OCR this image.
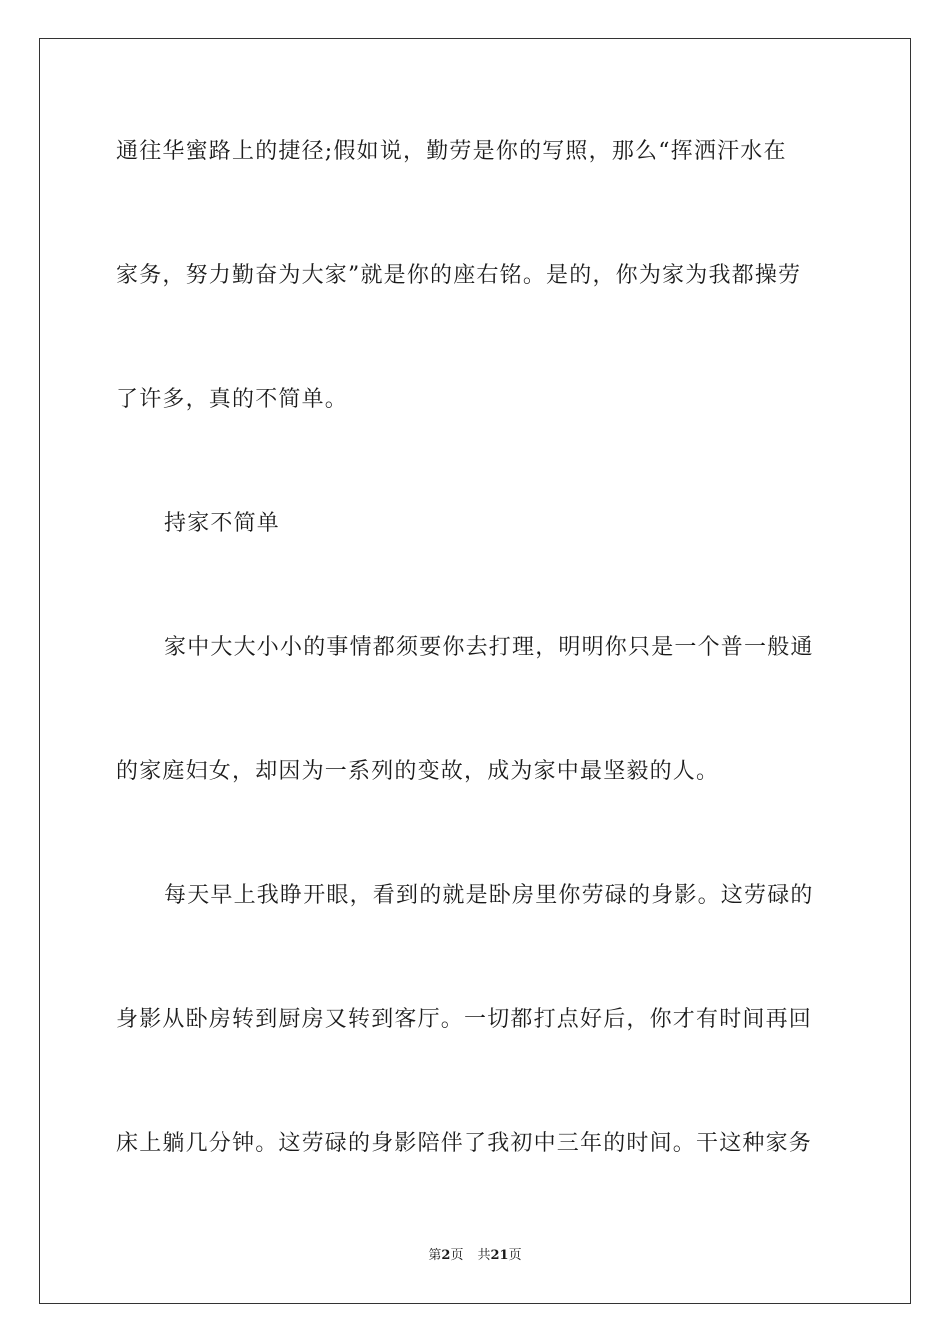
通往华蜜路上的捷径;假如说，勤劳是你的写照，那么“挥洒汗水在
家务，努力勤奋为大家”就是你的座右铭。是的，你为家为我都操劳
了许多，真的不简单。
持家不简单
家中大大小小的事情都须要你去打理，明明你只是一个普一般通
的家庭妇女，却因为一系列的变故，成为家中最坚毅的人。
每天早上我睁开眼，看到的就是卧房里你劳碌的身影。这劳碌的
身影从卧房转到厨房又转到客厅。一切都打点好后，你才有时间再回
床上躺几分钟。这劳碌的身影陪伴了我初中三年的时间。干这种家务
第2页 共21页
